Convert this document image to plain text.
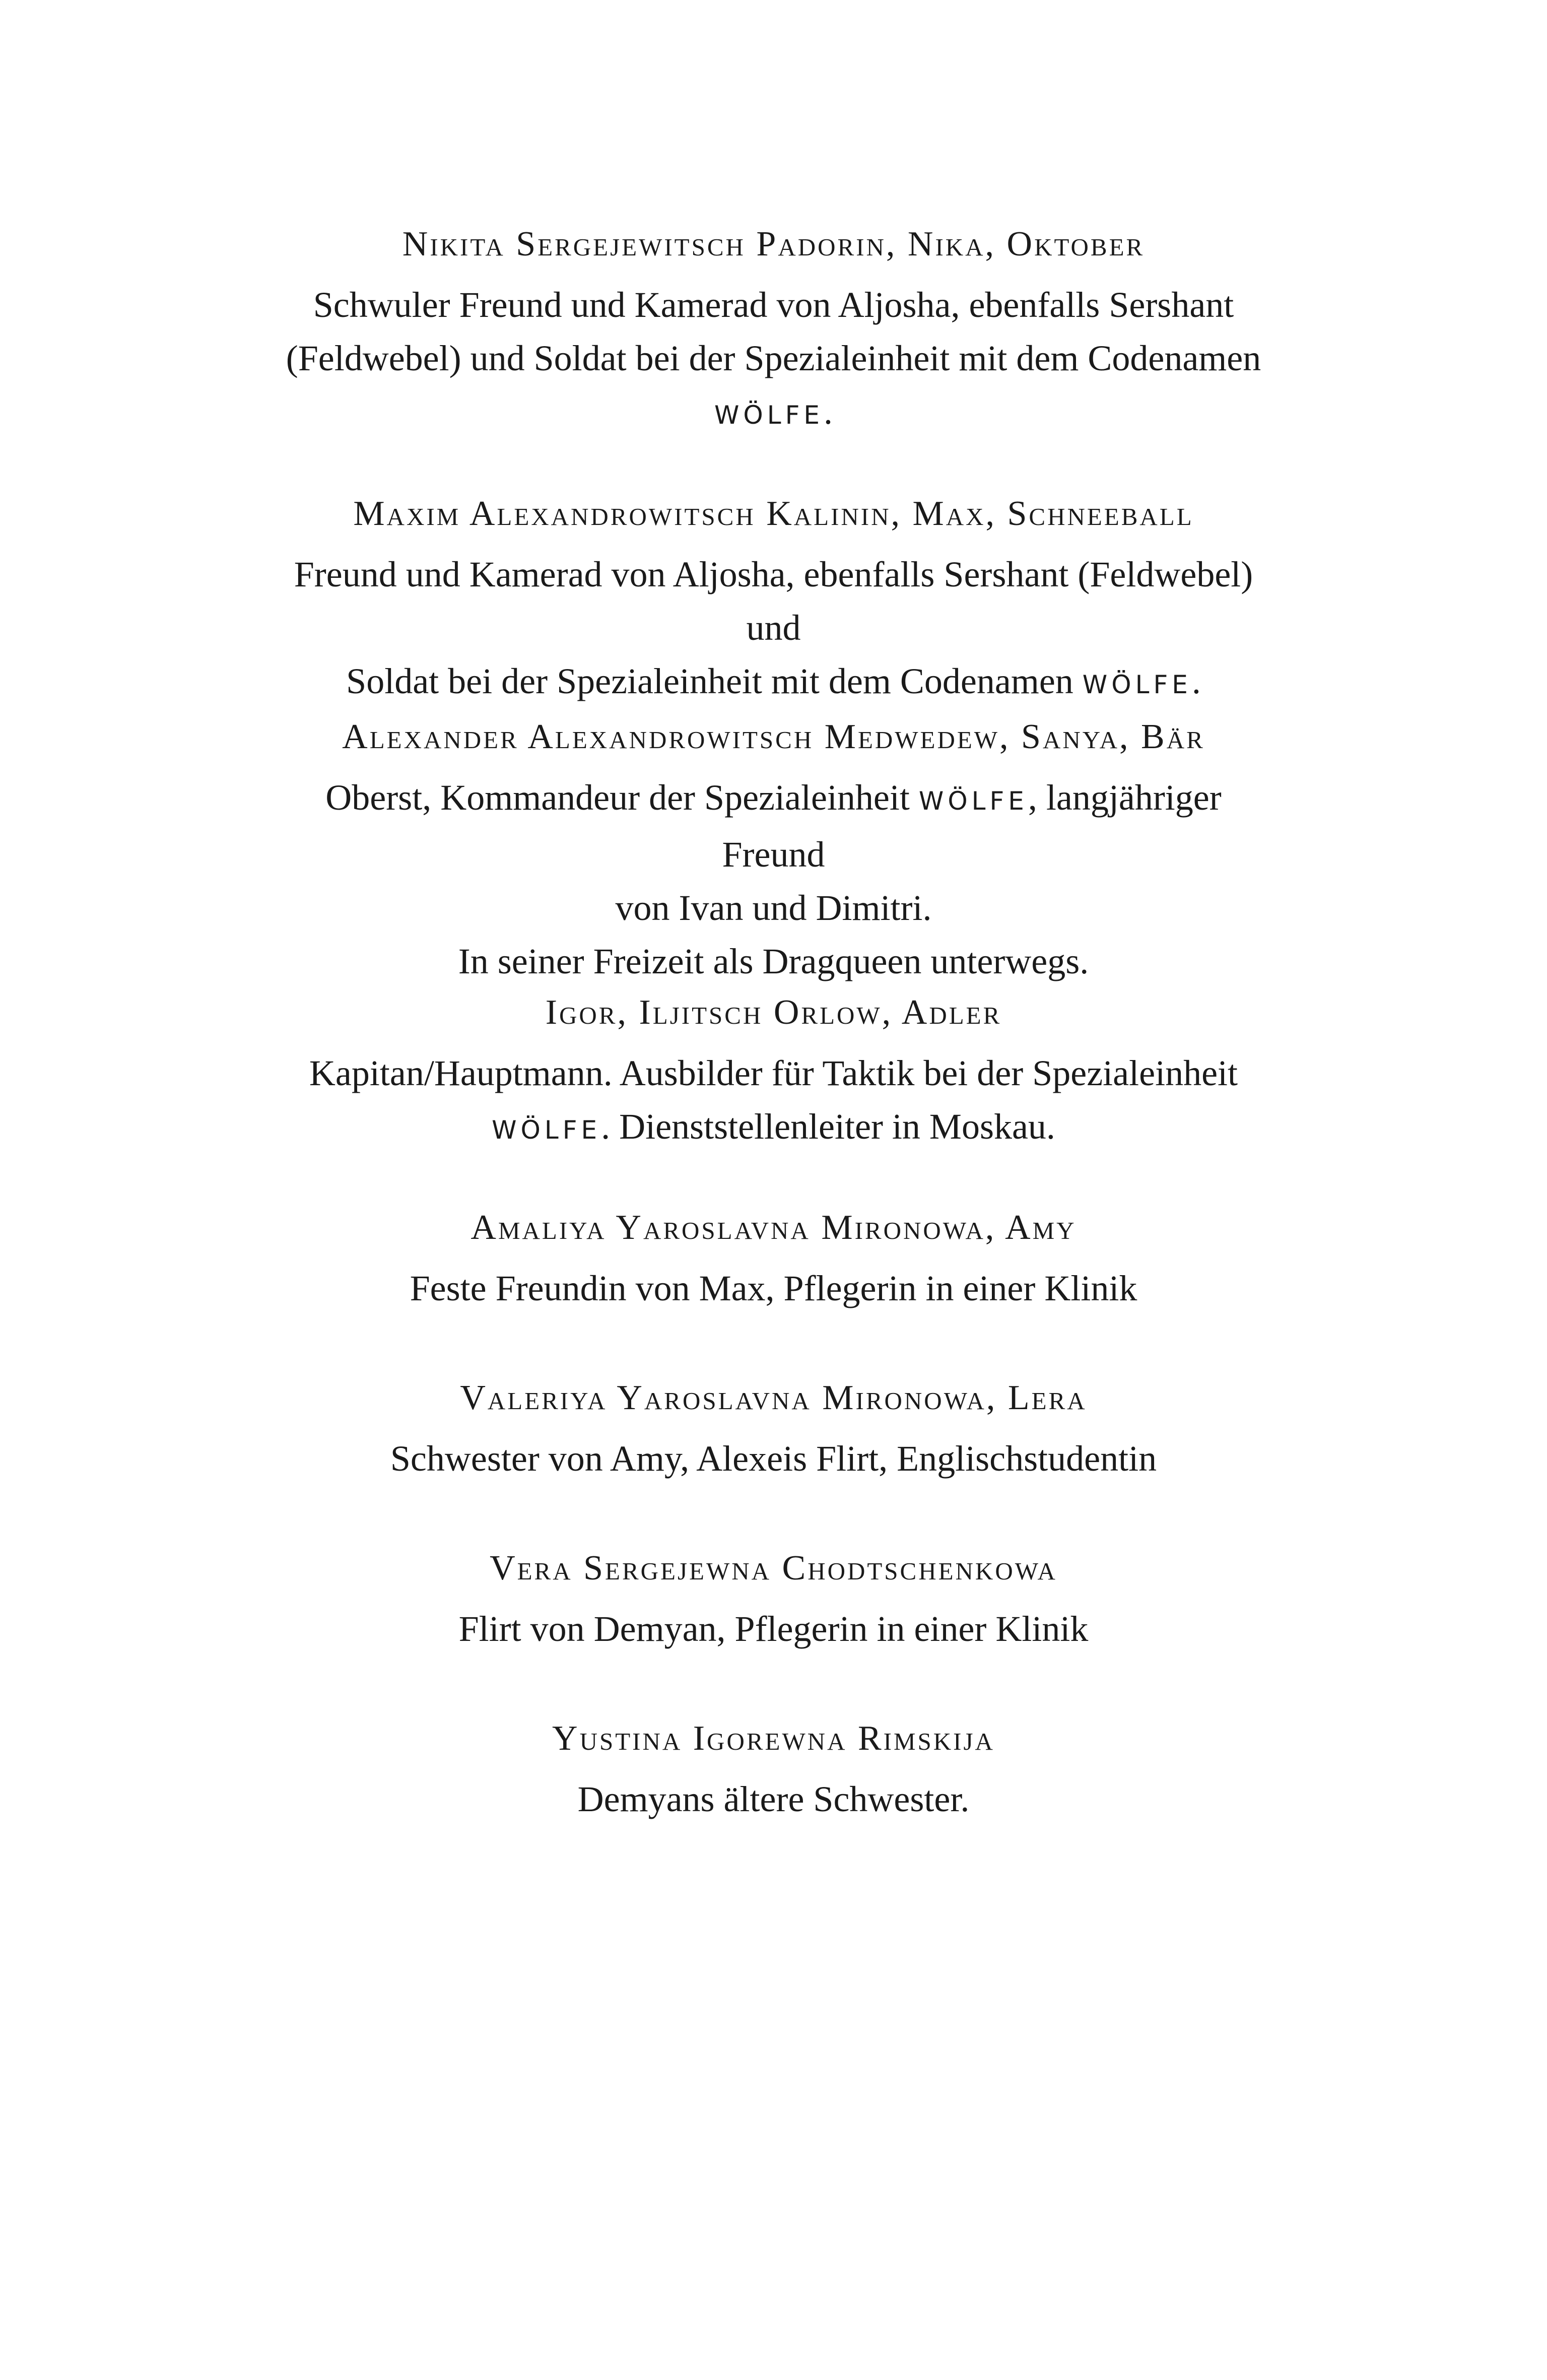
Nikita Sergejewitsch Padorin, Nika, Oktober

Schwuler Freund und Kamerad von Aljosha, ebenfalls Sershant
(Feldwebel) und Soldat bei der Spezialeinheit mit dem Codenamen
WÖLFE.

Maxim Alexandrowitsch Kalinin, Max, Schneeball

Freund und Kamerad von Aljosha, ebenfalls Sershant (Feldwebel) und
Soldat bei der Spezialeinheit mit dem Codenamen WÖLFE.

Alexander Alexandrowitsch Medwedew, Sanya, Bär

Oberst, Kommandeur der Spezialeinheit WÖLFE, langjähriger Freund
von Ivan und Dimitri.
In seiner Freizeit als Dragqueen unterwegs.

Igor, Iljitsch Orlow, Adler

Kapitan/Hauptmann. Ausbilder für Taktik bei der Spezialeinheit
WÖLFE. Dienststellenleiter in Moskau.

Amaliya Yaroslavna Mironowa, Amy

Feste Freundin von Max, Pflegerin in einer Klinik

Valeriya Yaroslavna Mironowa, Lera

Schwester von Amy, Alexeis Flirt, Englischstudentin

Vera Sergejewna Chodtschenkowa

Flirt von Demyan, Pflegerin in einer Klinik

Yustina Igorewna Rimskija

Demyans ältere Schwester.
